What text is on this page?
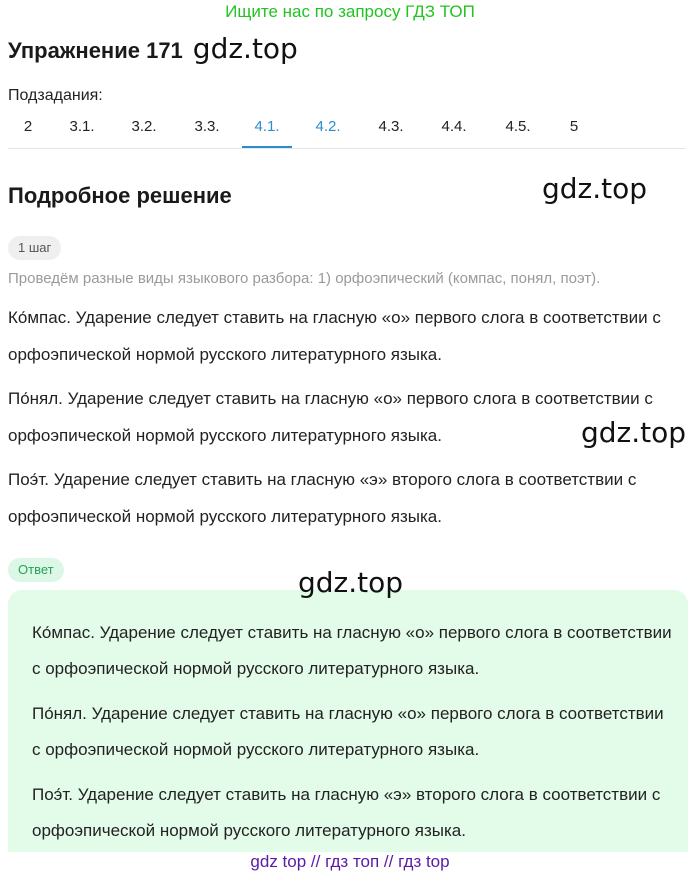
Ищите нас по запросу ГДЗ ТОП
Упражнение 171 gdz.top
Подзадания:
2	3.1.	3.2.	3.3.	4.1.	4.2.	4.3.	4.4.	4.5.	5
Подробное решение	gdz.top
1 шаг
Проведём разные виды языкового разбора: 1) орфоэпический (компас, понял, поэт).
Ко́мпас. Ударение следует ставить на гласную «о» первого слога в соответствии с орфоэпической нормой русского литературного языка.
По́нял. Ударение следует ставить на гласную «о» первого слога в соответствии с орфоэпической нормой русского литературного языка.	gdz.top
Поэ́т. Ударение следует ставить на гласную «э» второго слога в соответствии с орфоэпической нормой русского литературного языка.
Ответ
Ко́мпас. Ударение следует ставить на гласную «о» первого слога в соответствии с орфоэпической нормой русского литературного языка.
По́нял. Ударение следует ставить на гласную «о» первого слога в соответствии с орфоэпической нормой русского литературного языка.
Поэ́т. Ударение следует ставить на гласную «э» второго слога в соответствии с орфоэпической нормой русского литературного языка.
gdz.top
gdz top // гдз топ // гдз top
